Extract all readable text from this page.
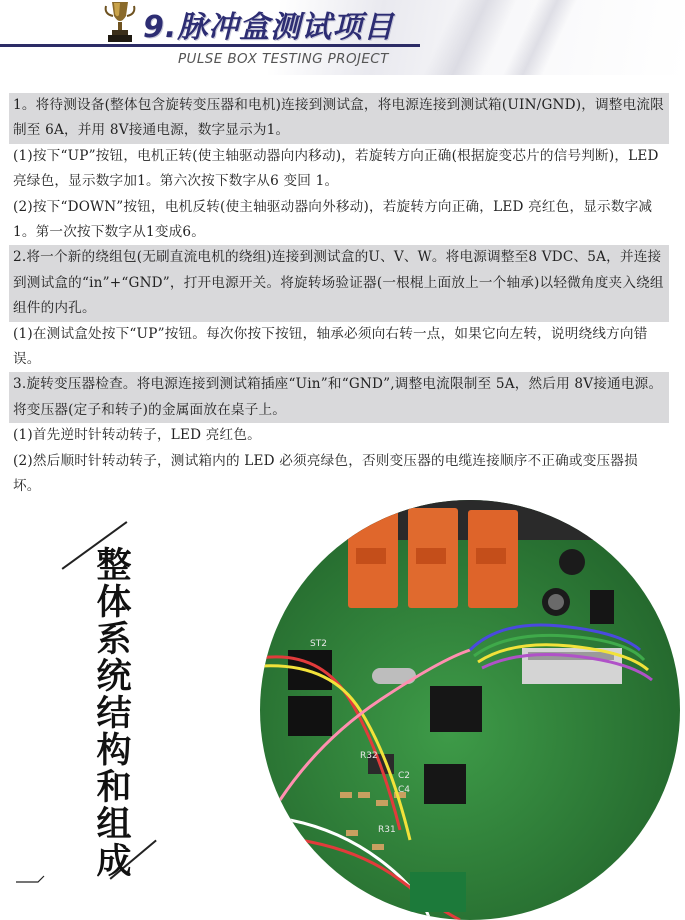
9.脉冲盒测试项目
PULSE BOX TESTING PROJECT

1。将待测设备(整体包含旋转变压器和电机)连接到测试盒，将电源连接到测试箱(UIN/GND)，调整电流限制至 6A，并用 8V接通电源，数字显示为1。

(1)按下“UP”按钮，电机正转(使主轴驱动器向内移动)，若旋转方向正确(根据旋变芯片的信号判断)，LED亮绿色，显示数字加1。第六次按下数字从6 变回 1。

(2)按下“DOWN”按钮，电机反转(使主轴驱动器向外移动)，若旋转方向正确，LED 亮红色，显示数字减1。第一次按下数字从1变成6。

2.将一个新的绕组包(无刷直流电机的绕组)连接到测试盒的U、V、W。将电源调整至8 VDC、5A，并连接到测试盒的“in”+“GND”，打开电源开关。将旋转场验证器(一根棍上面放上一个轴承)以轻微角度夹入绕组组件的内孔。

(1)在测试盒处按下“UP”按钮。每次你按下按钮，轴承必须向右转一点，如果它向左转，说明绕线方向错误。

3.旋转变压器检查。将电源连接到测试箱插座“Uin”和“GND”,调整电流限制至 5A，然后用 8V接通电源。将变压器(定子和转子)的金属面放在桌子上。

(1)首先逆时针转动转子，LED 亮红色。

(2)然后顺时针转动转子，测试箱内的 LED 必须亮绿色，否则变压器的电缆连接顺序不正确或变压器损坏。

整体系统结构和组成
ST2
R32
R31
C2
C4
